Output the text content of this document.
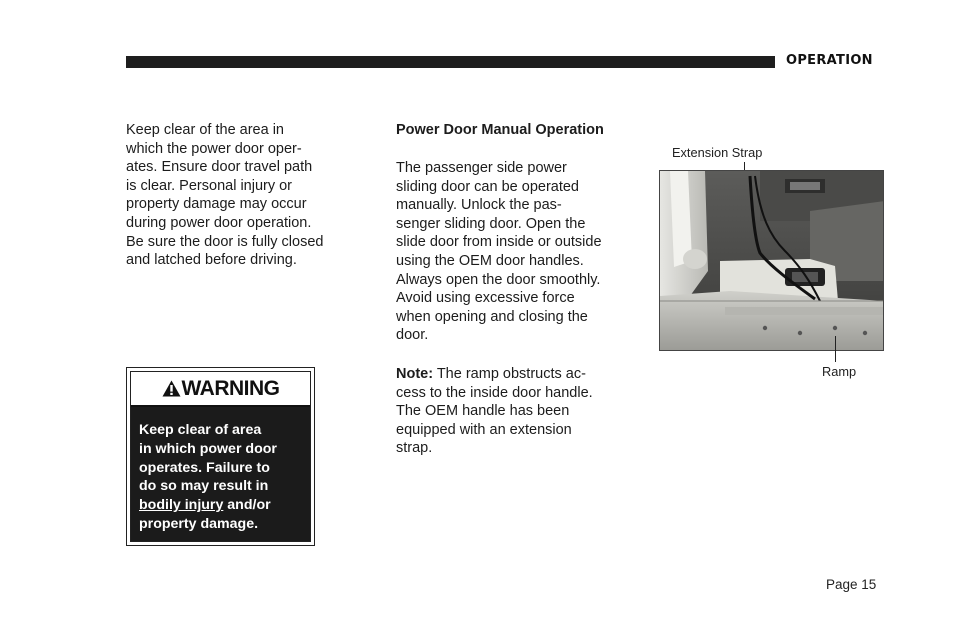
OPERATION
Keep clear of the area in
which the power door oper-
ates. Ensure door travel path
is clear. Personal injury or
property damage may occur
during power door operation.
Be sure the door is fully closed
and latched before driving.
WARNING
Keep clear of area
in which power door
operates. Failure to
do so may result in
bodily injury and/or
property damage.
Power Door Manual Operation
The passenger side power
sliding door can be operated
manually. Unlock the pas-
senger sliding door. Open the
slide door from inside or outside
using the OEM door handles.
Always open the door smoothly.
Avoid using excessive force
when opening and closing the
door.
Note: The ramp obstructs ac-
cess to the inside door handle.
The OEM handle has been
equipped with an extension
strap.
Extension Strap
Ramp
Page 15
